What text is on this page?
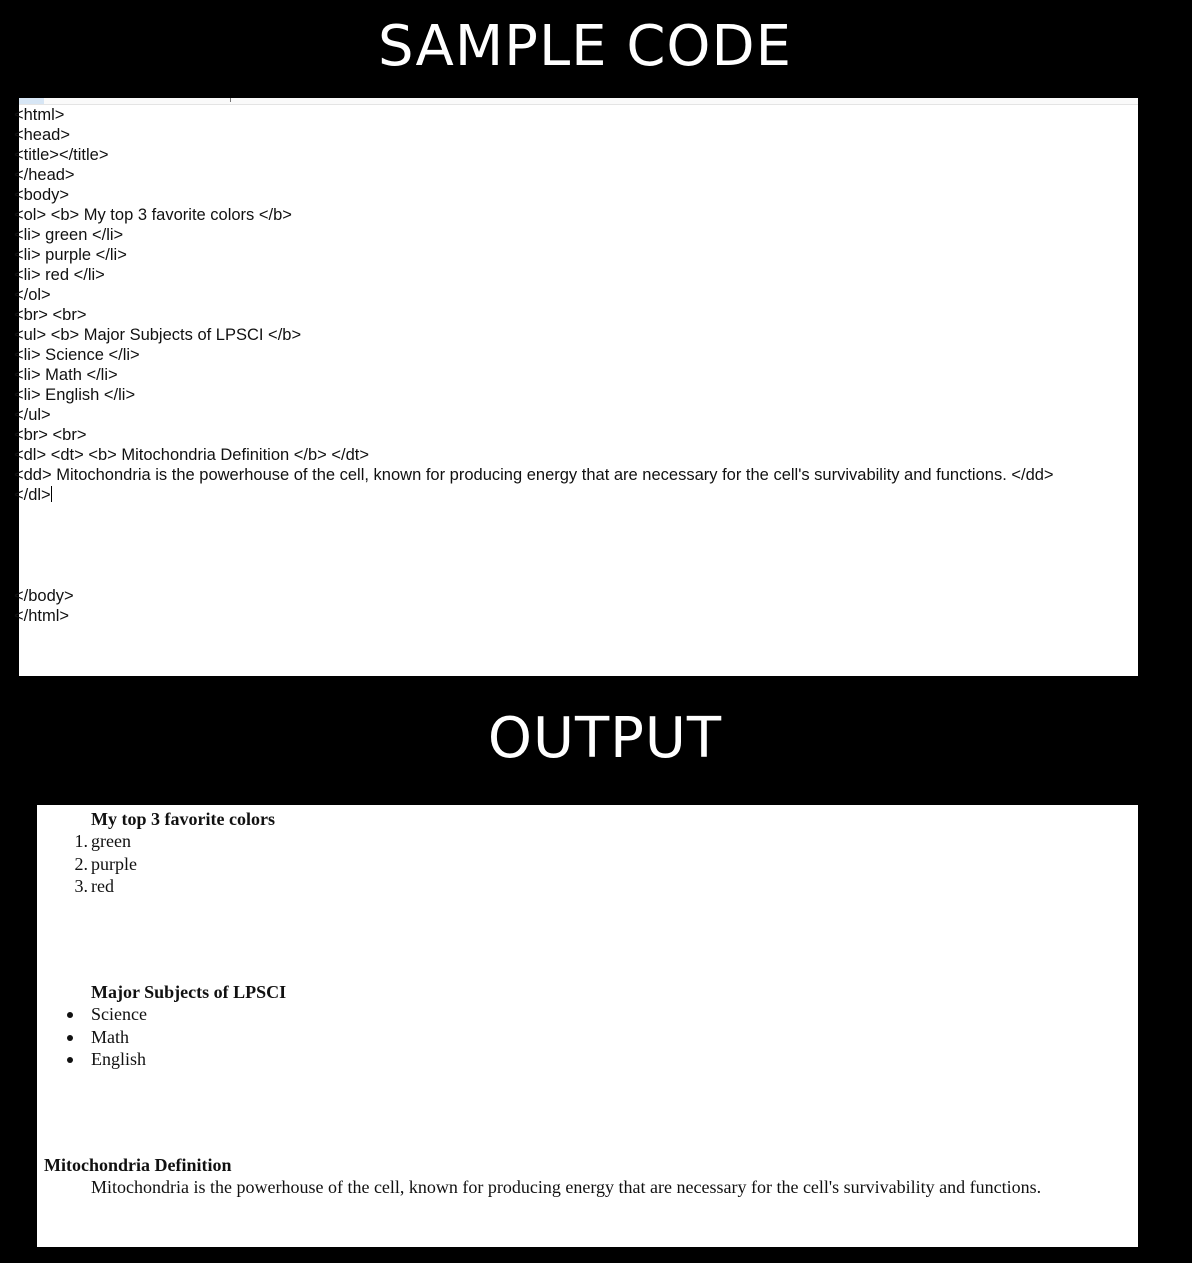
SAMPLE CODE
<html>
<head>
<title></title>
</head>
<body>
<ol> <b> My top 3 favorite colors </b>
<li> green </li>
<li> purple </li>
<li> red </li>
</ol>
<br> <br>
<ul> <b> Major Subjects of LPSCI </b>
<li> Science </li>
<li> Math </li>
<li> English </li>
</ul>
<br> <br>
<dl> <dt> <b> Mitochondria Definition </b> </dt>
<dd> Mitochondria is the powerhouse of the cell, known for producing energy that are necessary for the cell's survivability and functions. </dd>
</dl>
</body>
</html>
OUTPUT
My top 3 favorite colors
1. green
2. purple
3. red
Major Subjects of LPSCI
Science
Math
English
Mitochondria Definition
Mitochondria is the powerhouse of the cell, known for producing energy that are necessary for the cell's survivability and functions.
